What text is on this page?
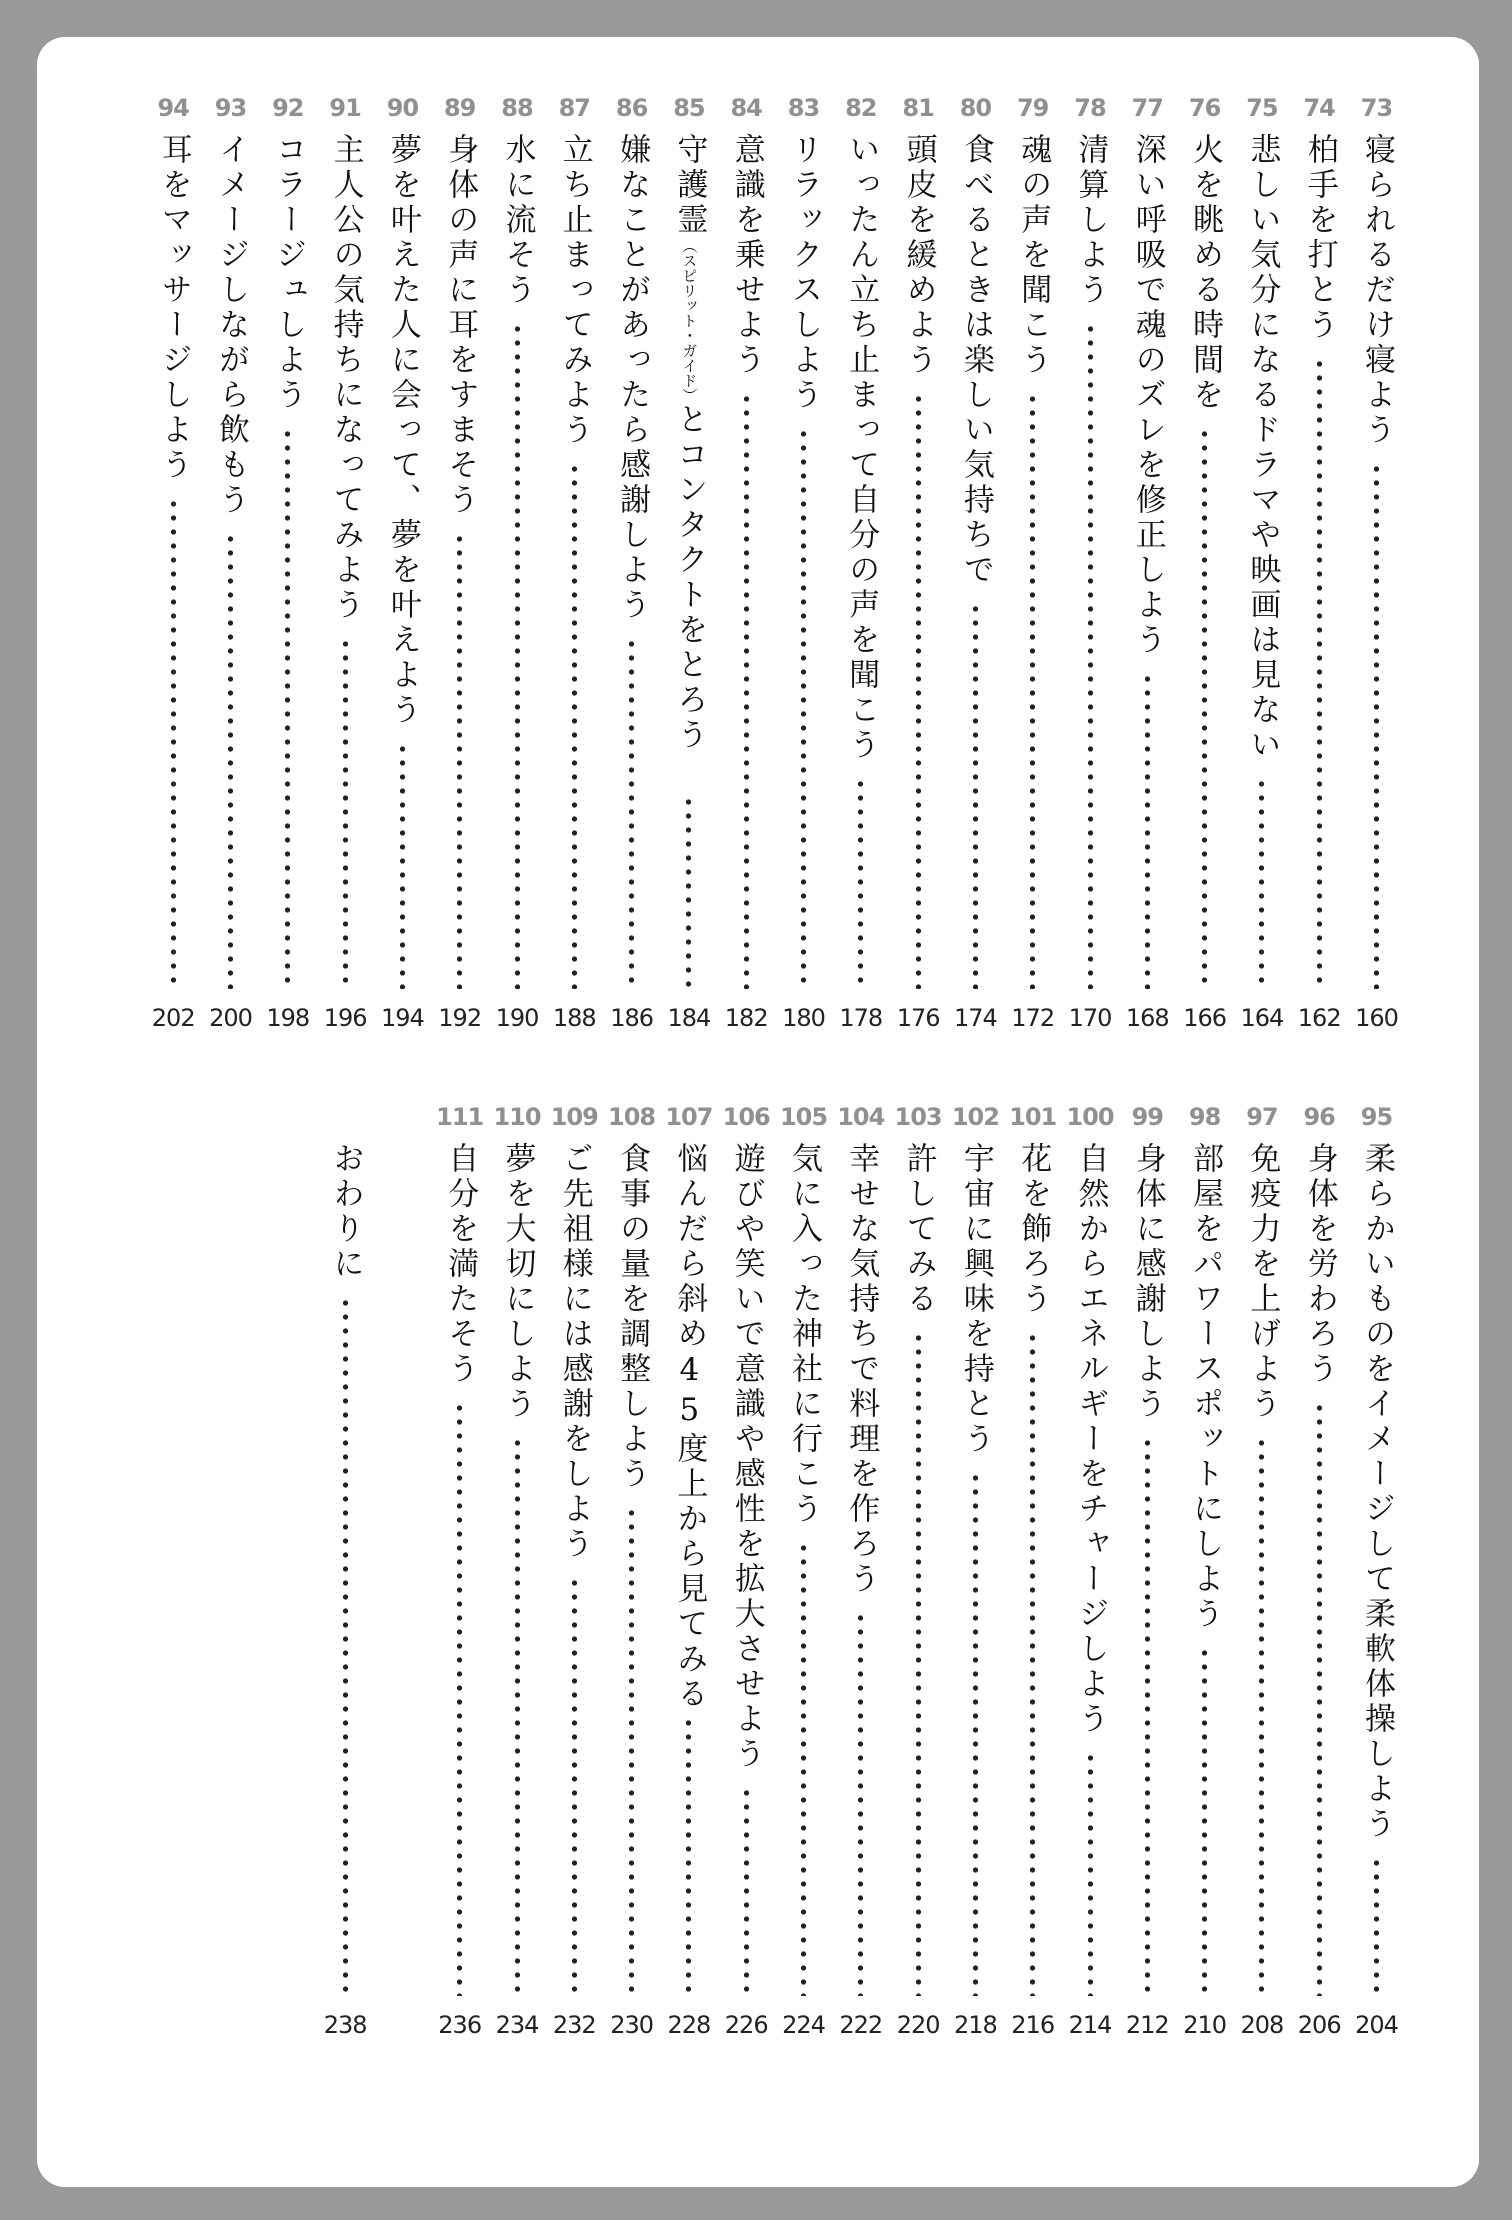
73
寝られるだけ寝よう
160
74
柏手を打とう
162
75
悲しい気分になるドラマや映画は見ない
164
76
火を眺める時間を
166
77
深い呼吸で魂のズレを修正しよう
168
78
清算しよう
170
79
魂の声を聞こう
172
80
食べるときは楽しい気持ちで
174
81
頭皮を緩めよう
176
82
いったん立ち止まって自分の声を聞こう
178
83
リラックスしよう
180
84
意識を乗せよう
182
85
守護霊（スピリット・ガイド）とコンタクトをとろう
184
86
嫌なことがあったら感謝しよう
186
87
立ち止まってみよう
188
88
水に流そう
190
89
身体の声に耳をすまそう
192
90
夢を叶えた人に会って、夢を叶えよう
194
91
主人公の気持ちになってみよう
196
92
コラージュしよう
198
93
イメージしながら飲もう
200
94
耳をマッサージしよう
202
95
柔らかいものをイメージして柔軟体操しよう
204
96
身体を労わろう
206
97
免疫力を上げよう
208
98
部屋をパワースポットにしよう
210
99
身体に感謝しよう
212
100
自然からエネルギーをチャージしよう
214
101
花を飾ろう
216
102
宇宙に興味を持とう
218
103
許してみる
220
104
幸せな気持ちで料理を作ろう
222
105
気に入った神社に行こう
224
106
遊びや笑いで意識や感性を拡大させよう
226
107
悩んだら斜め45度上から見てみる
228
108
食事の量を調整しよう
230
109
ご先祖様には感謝をしよう
232
110
夢を大切にしよう
234
111
自分を満たそう
236
おわりに
238
